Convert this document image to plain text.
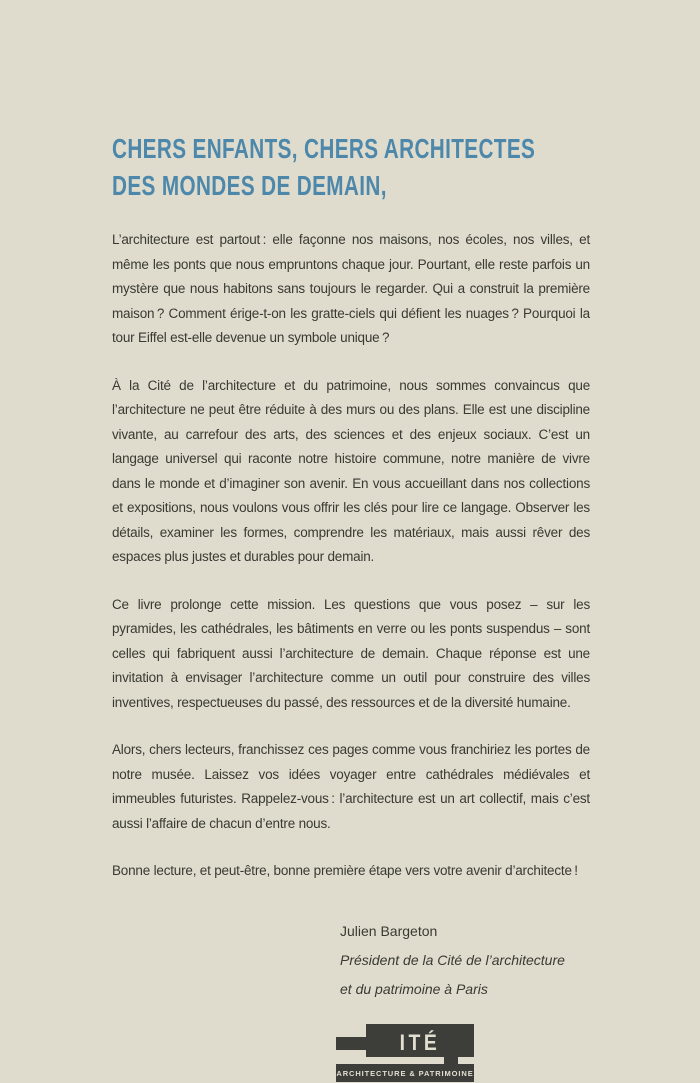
CHERS ENFANTS, CHERS ARCHITECTES
DES MONDES DE DEMAIN,

L’architecture est partout : elle façonne nos maisons, nos écoles, nos villes, et même les ponts que nous empruntons chaque jour. Pourtant, elle reste parfois un mystère que nous habitons sans toujours le regarder. Qui a construit la première maison ? Comment érige-t-on les gratte-ciels qui défient les nuages ? Pourquoi la tour Eiffel est-elle devenue un symbole unique ?

À la Cité de l’architecture et du patrimoine, nous sommes convaincus que l’architecture ne peut être réduite à des murs ou des plans. Elle est une discipline vivante, au carrefour des arts, des sciences et des enjeux sociaux. C’est un langage universel qui raconte notre histoire commune, notre manière de vivre dans le monde et d’imaginer son avenir. En vous accueillant dans nos collections et expositions, nous voulons vous offrir les clés pour lire ce langage. Observer les détails, examiner les formes, comprendre les matériaux, mais aussi rêver des espaces plus justes et durables pour demain.

Ce livre prolonge cette mission. Les questions que vous posez – sur les pyramides, les cathédrales, les bâtiments en verre ou les ponts suspendus – sont celles qui fabriquent aussi l’architecture de demain. Chaque réponse est une invitation à envisager l’architecture comme un outil pour construire des villes inventives, respectueuses du passé, des ressources et de la diversité humaine.

Alors, chers lecteurs, franchissez ces pages comme vous franchiriez les portes de notre musée. Laissez vos idées voyager entre cathédrales médiévales et immeubles futuristes. Rappelez-vous : l’architecture est un art collectif, mais c’est aussi l’affaire de chacun d’entre nous.

Bonne lecture, et peut-être, bonne première étape vers votre avenir d’architecte !

Julien Bargeton
Président de la Cité de l’architecture
et du patrimoine à Paris
ITÉ
ARCHITECTURE & PATRIMOINE
